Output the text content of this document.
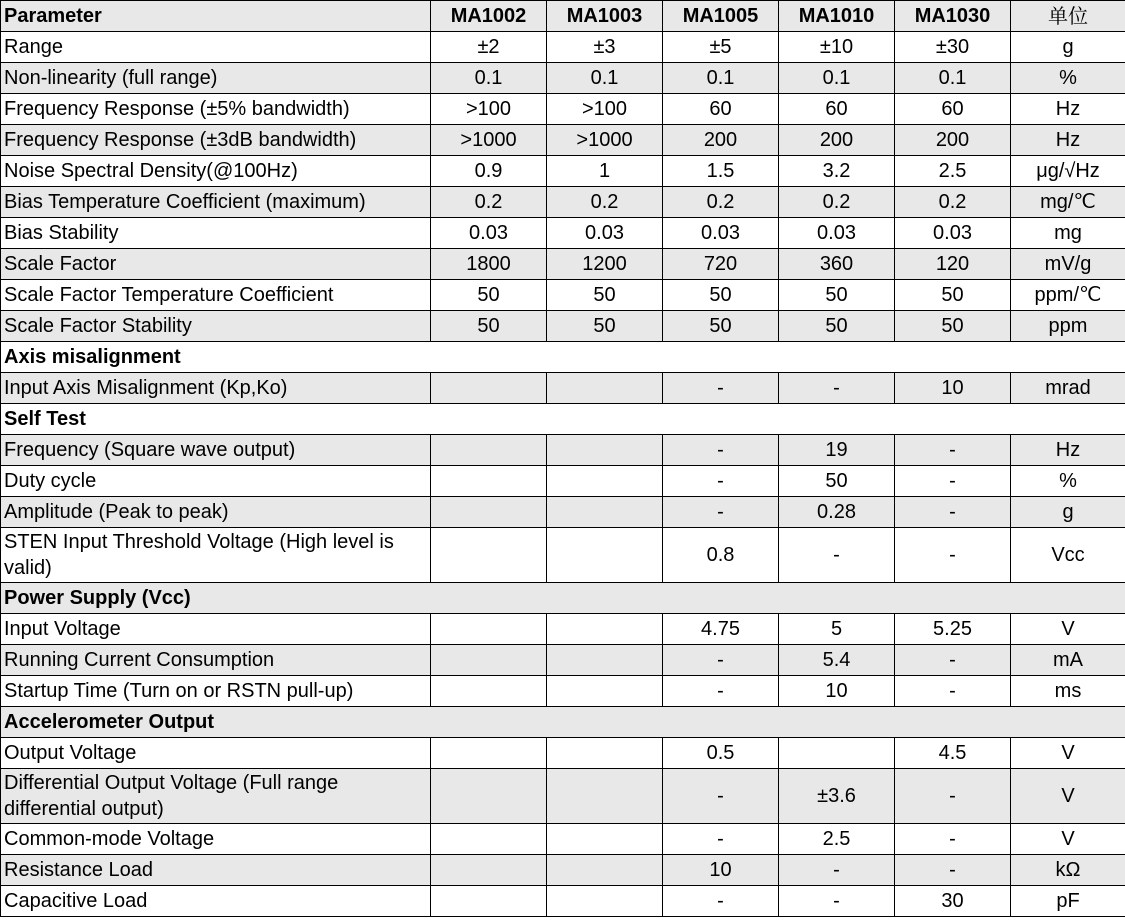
Parameter	MA1002	MA1003	MA1005	MA1010	MA1030	单位
Range	±2	±3	±5	±10	±30	g
Non-linearity (full range)	0.1	0.1	0.1	0.1	0.1	%
Frequency Response (±5% bandwidth)	>100	>100	60	60	60	Hz
Frequency Response (±3dB bandwidth)	>1000	>1000	200	200	200	Hz
Noise Spectral Density(@100Hz)	0.9	1	1.5	3.2	2.5	μg/√Hz
Bias Temperature Coefficient (maximum)	0.2	0.2	0.2	0.2	0.2	mg/℃
Bias Stability	0.03	0.03	0.03	0.03	0.03	mg
Scale Factor	1800	1200	720	360	120	mV/g
Scale Factor Temperature Coefficient	50	50	50	50	50	ppm/℃
Scale Factor Stability	50	50	50	50	50	ppm
Axis misalignment						
Input Axis Misalignment (Kp,Ko)			-	-	10	mrad
Self Test						
Frequency (Square wave output)			-	19	-	Hz
Duty cycle			-	50	-	%
Amplitude (Peak to peak)			-	0.28	-	g
STEN Input Threshold Voltage (High level is valid)			0.8	-	-	Vcc
Power Supply (Vcc)						
Input Voltage			4.75	5	5.25	V
Running Current Consumption			-	5.4	-	mA
Startup Time (Turn on or RSTN pull-up)			-	10	-	ms
Accelerometer Output						
Output Voltage			0.5		4.5	V
Differential Output Voltage (Full range differential output)			-	±3.6	-	V
Common-mode Voltage			-	2.5	-	V
Resistance Load			10	-	-	kΩ
Capacitive Load			-	-	30	pF
